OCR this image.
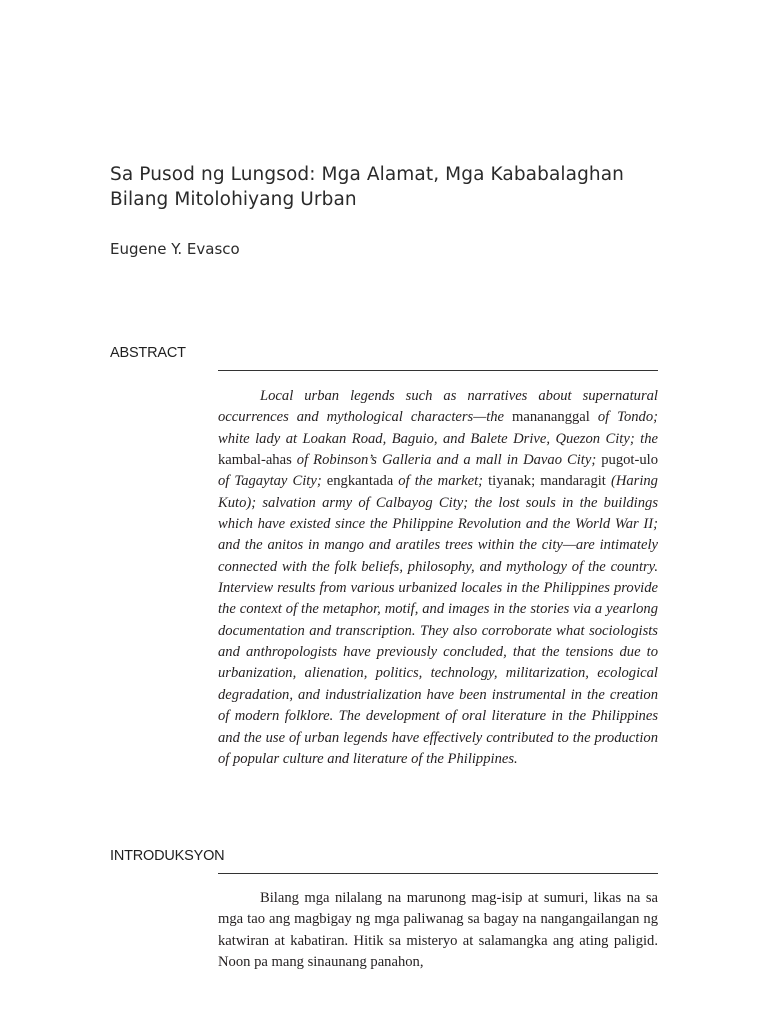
Sa Pusod ng Lungsod: Mga Alamat, Mga Kababalaghan
Bilang Mitolohiyang Urban
Eugene Y. Evasco
ABSTRACT

Local urban legends such as narratives about supernatural occurrences and mythological characters—the manananggal of Tondo; white lady at Loakan Road, Baguio, and Balete Drive, Quezon City; the kambal-ahas of Robinson’s Galleria and a mall in Davao City; pugot-ulo of Tagaytay City; engkantada of the market; tiyanak; mandaragit (Haring Kuto); salvation army of Calbayog City; the lost souls in the buildings which have existed since the Philippine Revolution and the World War II; and the anitos in mango and aratiles trees within the city—are intimately connected with the folk beliefs, philosophy, and mythology of the country. Interview results from various urbanized locales in the Philippines provide the context of the metaphor, motif, and images in the stories via a yearlong documentation and transcription. They also corroborate what sociologists and anthropologists have previously concluded, that the tensions due to urbanization, alienation, politics, technology, militarization, ecological degradation, and industrialization have been instrumental in the creation of modern folklore. The development of oral literature in the Philippines and the use of urban legends have effectively contributed to the production of popular culture and literature of the Philippines.

INTRODUKSYON

Bilang mga nilalang na marunong mag-isip at sumuri, likas na sa mga tao ang magbigay ng mga paliwanag sa bagay na nangangailangan ng katwiran at kabatiran. Hitik sa misteryo at salamangka ang ating paligid. Noon pa mang sinaunang panahon,
